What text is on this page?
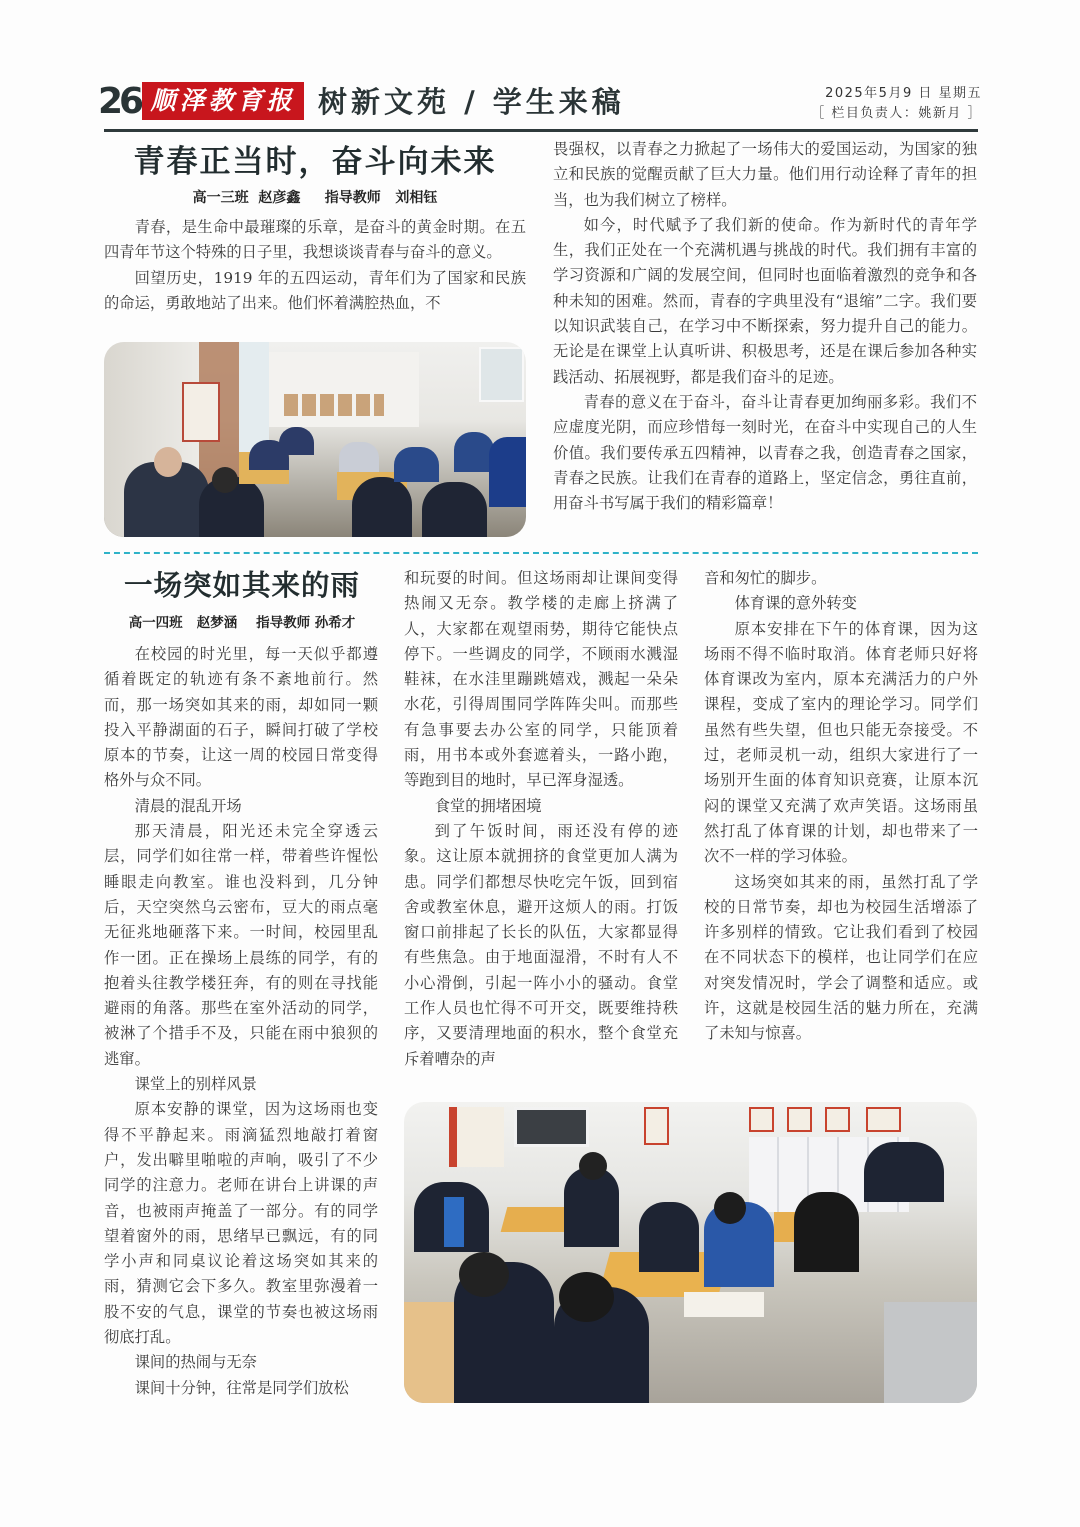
26 顺泽教育报 树新文苑 / 学生来稿	2025年5月9 日 星期五
［ 栏目负责人：姚新月 ］
青春正当时，奋斗向未来
高一三班  赵彦鑫     指导教师   刘相钰

青春，是生命中最璀璨的乐章，是奋斗的黄金时期。在五四青年节这个特殊的日子里，我想谈谈青春与奋斗的意义。

回望历史，1919 年的五四运动，青年们为了国家和民族的命运，勇敢地站了出来。他们怀着满腔热血，不

畏强权，以青春之力掀起了一场伟大的爱国运动，为国家的独立和民族的觉醒贡献了巨大力量。他们用行动诠释了青年的担当，也为我们树立了榜样。

如今，时代赋予了我们新的使命。作为新时代的青年学生，我们正处在一个充满机遇与挑战的时代。我们拥有丰富的学习资源和广阔的发展空间，但同时也面临着激烈的竞争和各种未知的困难。然而，青春的字典里没有“退缩”二字。我们要以知识武装自己，在学习中不断探索，努力提升自己的能力。无论是在课堂上认真听讲、积极思考，还是在课后参加各种实践活动、拓展视野，都是我们奋斗的足迹。

青春的意义在于奋斗，奋斗让青春更加绚丽多彩。我们不应虚度光阴，而应珍惜每一刻时光，在奋斗中实现自己的人生价值。我们要传承五四精神，以青春之我，创造青春之国家，青春之民族。让我们在青春的道路上，坚定信念，勇往直前，用奋斗书写属于我们的精彩篇章！

一场突如其来的雨
高一四班   赵梦涵    指导教师 孙希才

在校园的时光里，每一天似乎都遵循着既定的轨迹有条不紊地前行。然而，那一场突如其来的雨，却如同一颗投入平静湖面的石子，瞬间打破了学校原本的节奏，让这一周的校园日常变得格外与众不同。

清晨的混乱开场

那天清晨，阳光还未完全穿透云层，同学们如往常一样，带着些许惺忪睡眼走向教室。谁也没料到，几分钟后，天空突然乌云密布，豆大的雨点毫无征兆地砸落下来。一时间，校园里乱作一团。正在操场上晨练的同学，有的抱着头往教学楼狂奔，有的则在寻找能避雨的角落。那些在室外活动的同学，被淋了个措手不及，只能在雨中狼狈的逃窜。

课堂上的别样风景

原本安静的课堂，因为这场雨也变得不平静起来。雨滴猛烈地敲打着窗户，发出噼里啪啦的声响，吸引了不少同学的注意力。老师在讲台上讲课的声音，也被雨声掩盖了一部分。有的同学望着窗外的雨，思绪早已飘远，有的同学小声和同桌议论着这场突如其来的雨，猜测它会下多久。教室里弥漫着一股不安的气息，课堂的节奏也被这场雨彻底打乱。

课间的热闹与无奈

课间十分钟，往常是同学们放松

和玩耍的时间。但这场雨却让课间变得热闹又无奈。教学楼的走廊上挤满了人，大家都在观望雨势，期待它能快点停下。一些调皮的同学，不顾雨水溅湿鞋袜，在水洼里蹦跳嬉戏，溅起一朵朵水花，引得周围同学阵阵尖叫。而那些有急事要去办公室的同学，只能顶着雨，用书本或外套遮着头，一路小跑，等跑到目的地时，早已浑身湿透。

食堂的拥堵困境

到了午饭时间，雨还没有停的迹象。这让原本就拥挤的食堂更加人满为患。同学们都想尽快吃完午饭，回到宿舍或教室休息，避开这烦人的雨。打饭窗口前排起了长长的队伍，大家都显得有些焦急。由于地面湿滑，不时有人不小心滑倒，引起一阵小小的骚动。食堂工作人员也忙得不可开交，既要维持秩序，又要清理地面的积水，整个食堂充斥着嘈杂的声

音和匆忙的脚步。

体育课的意外转变

原本安排在下午的体育课，因为这场雨不得不临时取消。体育老师只好将体育课改为室内，原本充满活力的户外课程，变成了室内的理论学习。同学们虽然有些失望，但也只能无奈接受。不过，老师灵机一动，组织大家进行了一场别开生面的体育知识竞赛，让原本沉闷的课堂又充满了欢声笑语。这场雨虽然打乱了体育课的计划，却也带来了一次不一样的学习体验。

这场突如其来的雨，虽然打乱了学校的日常节奏，却也为校园生活增添了许多别样的情致。它让我们看到了校园在不同状态下的模样，也让同学们在应对突发情况时，学会了调整和适应。或许，这就是校园生活的魅力所在，充满了未知与惊喜。
